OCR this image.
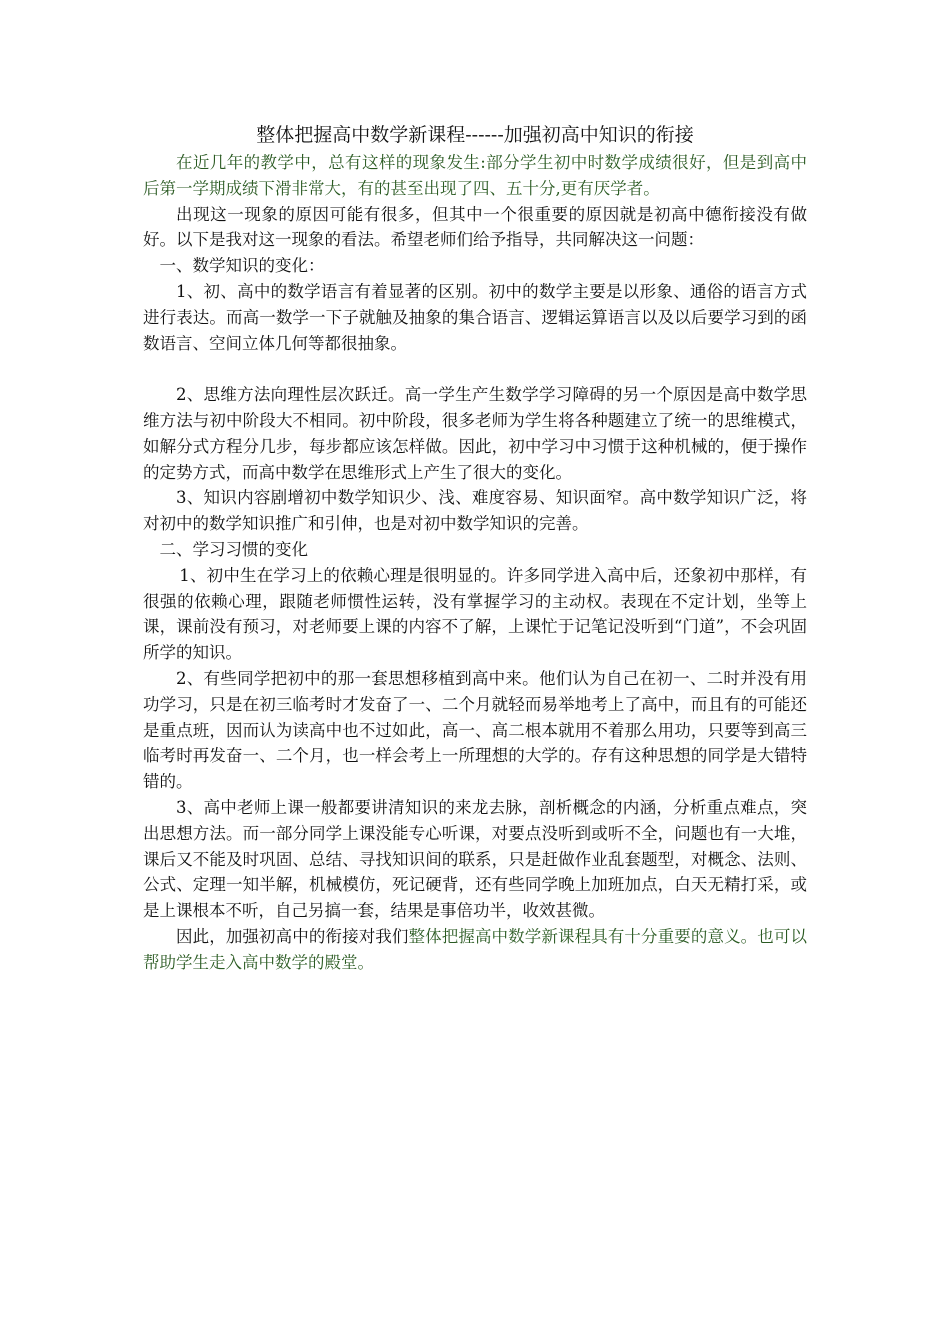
整体把握高中数学新课程------加强初高中知识的衔接

在近几年的教学中，总有这样的现象发生:部分学生初中时数学成绩很好，但是到高中后第一学期成绩下滑非常大，有的甚至出现了四、五十分,更有厌学者。

出现这一现象的原因可能有很多，但其中一个很重要的原因就是初高中德衔接没有做好。以下是我对这一现象的看法。希望老师们给予指导，共同解决这一问题：

一、数学知识的变化：

1、初、高中的数学语言有着显著的区别。初中的数学主要是以形象、通俗的语言方式进行表达。而高一数学一下子就触及抽象的集合语言、逻辑运算语言以及以后要学习到的函数语言、空间立体几何等都很抽象。

2、思维方法向理性层次跃迁。高一学生产生数学学习障碍的另一个原因是高中数学思维方法与初中阶段大不相同。初中阶段，很多老师为学生将各种题建立了统一的思维模式，如解分式方程分几步，每步都应该怎样做。因此，初中学习中习惯于这种机械的，便于操作的定势方式，而高中数学在思维形式上产生了很大的变化。

3、知识内容剧增初中数学知识少、浅、难度容易、知识面窄。高中数学知识广泛，将对初中的数学知识推广和引伸，也是对初中数学知识的完善。

二、学习习惯的变化

1、初中生在学习上的依赖心理是很明显的。许多同学进入高中后，还象初中那样，有很强的依赖心理，跟随老师惯性运转，没有掌握学习的主动权。表现在不定计划，坐等上课，课前没有预习，对老师要上课的内容不了解，上课忙于记笔记没听到“门道”，不会巩固所学的知识。

2、有些同学把初中的那一套思想移植到高中来。他们认为自己在初一、二时并没有用功学习，只是在初三临考时才发奋了一、二个月就轻而易举地考上了高中，而且有的可能还是重点班，因而认为读高中也不过如此，高一、高二根本就用不着那么用功，只要等到高三临考时再发奋一、二个月，也一样会考上一所理想的大学的。存有这种思想的同学是大错特错的。

3、高中老师上课一般都要讲清知识的来龙去脉，剖析概念的内涵，分析重点难点，突出思想方法。而一部分同学上课没能专心听课，对要点没听到或听不全，问题也有一大堆，课后又不能及时巩固、总结、寻找知识间的联系，只是赶做作业乱套题型，对概念、法则、公式、定理一知半解，机械模仿，死记硬背，还有些同学晚上加班加点，白天无精打采，或是上课根本不听，自己另搞一套，结果是事倍功半，收效甚微。

因此，加强初高中的衔接对我们整体把握高中数学新课程具有十分重要的意义。也可以帮助学生走入高中数学的殿堂。
